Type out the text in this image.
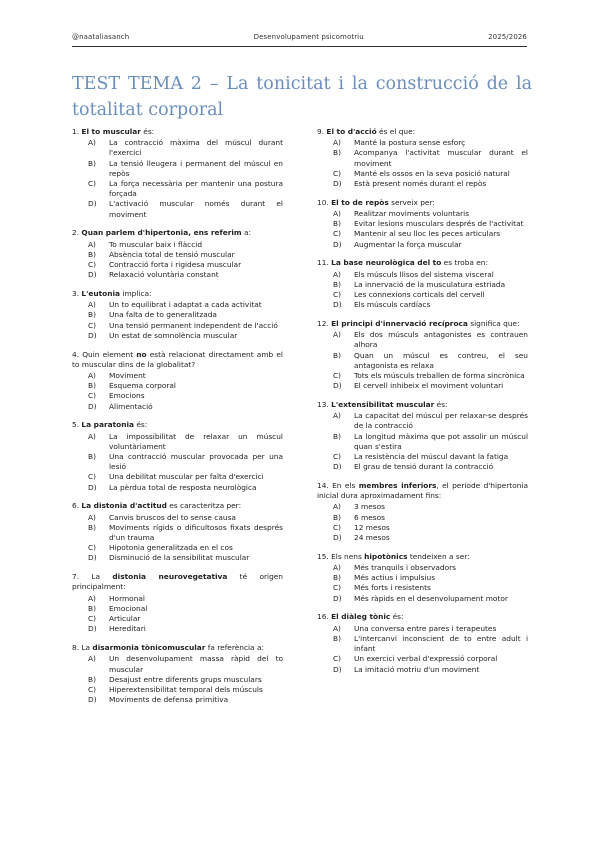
@naataliasanch	Desenvolupament psicomotriu	2025/2026
TEST TEMA 2 – La tonicitat i la construcció de la
totalitat corporal

1. El to muscular és:

A)	La contracció màxima del múscul durant l'exercici
B)	La tensió lleugera i permanent del múscul en repòs
C)	La força necessària per mantenir una postura forçada
D)	L'activació muscular només durant el moviment

2. Quan parlem d'hipertonia, ens referim a:

A)	To muscular baix i flàccid
B)	Absència total de tensió muscular
C)	Contracció forta i rigidesa muscular
D)	Relaxació voluntària constant

3. L'eutonia implica:

A)	Un to equilibrat i adaptat a cada activitat
B)	Una falta de to generalitzada
C)	Una tensió permanent independent de l'acció
D)	Un estat de somnolència muscular

4. Quin element no està relacionat directament amb el to muscular dins de la globalitat?

A)	Moviment
B)	Esquema corporal
C)	Emocions
D)	Alimentació

5. La paratonia és:

A)	La impossibilitat de relaxar un múscul voluntàriament
B)	Una contracció muscular provocada per una lesió
C)	Una debilitat muscular per falta d'exercici
D)	La pèrdua total de resposta neurològica

6. La distonia d'actitud es caracteritza per:

A)	Canvis bruscos del to sense causa
B)	Moviments rígids o dificultosos fixats després d'un trauma
C)	Hipotonia generalitzada en el cos
D)	Disminució de la sensibilitat muscular

7. La distonia neurovegetativa té origen principalment:

A)	Hormonal
B)	Emocional
C)	Articular
D)	Hereditari

8. La disarmonia tònicomuscular fa referència a:

A)	Un desenvolupament massa ràpid del to muscular
B)	Desajust entre diferents grups musculars
C)	Hiperextensibilitat temporal dels músculs
D)	Moviments de defensa primitiva

9. El to d'acció és el que:

A)	Manté la postura sense esforç
B)	Acompanya l'activitat muscular durant el moviment
C)	Manté els ossos en la seva posició natural
D)	Està present només durant el repòs

10. El to de repòs serveix per:

A)	Realitzar moviments voluntaris
B)	Evitar lesions musculars després de l'activitat
C)	Mantenir al seu lloc les peces articulars
D)	Augmentar la força muscular

11. La base neurològica del to es troba en:

A)	Els músculs llisos del sistema visceral
B)	La innervació de la musculatura estriada
C)	Les connexions corticals del cervell
D)	Els músculs cardíacs

12. El principi d'innervació recíproca significa que:

A)	Els dos músculs antagonistes es contrauen alhora
B)	Quan un múscul es contreu, el seu antagonista es relaxa
C)	Tots els músculs treballen de forma sincrònica
D)	El cervell inhibeix el moviment voluntari

13. L'extensibilitat muscular és:

A)	La capacitat del múscul per relaxar-se després de la contracció
B)	La longitud màxima que pot assolir un múscul quan s'estira
C)	La resistència del múscul davant la fatiga
D)	El grau de tensió durant la contracció

14. En els membres inferiors, el període d'hipertonia inicial dura aproximadament fins:

A)	3 mesos
B)	6 mesos
C)	12 mesos
D)	24 mesos

15. Els nens hipotònics tendeixen a ser:

A)	Més tranquils i observadors
B)	Més actius i impulsius
C)	Més forts i resistents
D)	Més ràpids en el desenvolupament motor

16. El diàleg tònic és:

A)	Una conversa entre pares i terapeutes
B)	L'intercanvi inconscient de to entre adult i infant
C)	Un exercici verbal d'expressió corporal
D)	La imitació motriu d'un moviment
